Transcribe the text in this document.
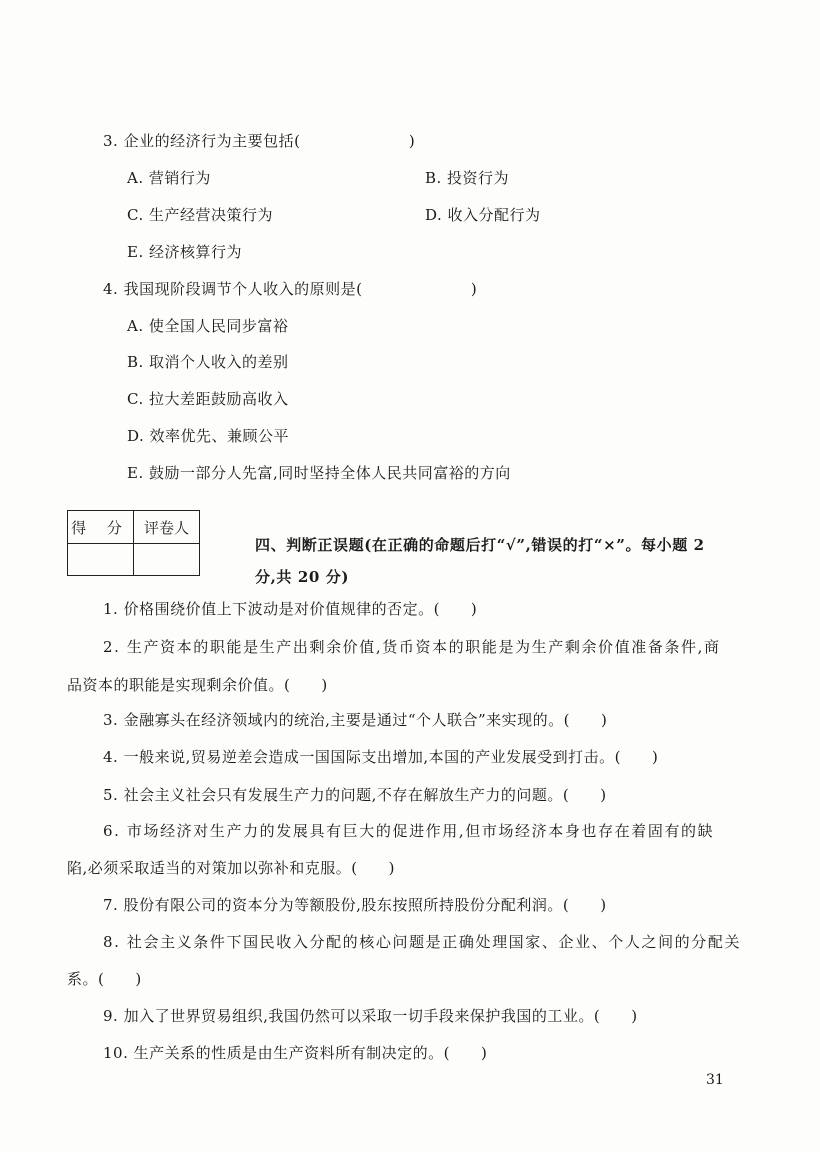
3. 企业的经济行为主要包括(　　　　　　　)
A. 营销行为	B. 投资行为
C. 生产经营决策行为	D. 收入分配行为
E. 经济核算行为
4. 我国现阶段调节个人收入的原则是(　　　　　　　)
A. 使全国人民同步富裕
B. 取消个人收入的差别
C. 拉大差距鼓励高收入
D. 效率优先、兼顾公平
E. 鼓励一部分人先富,同时坚持全体人民共同富裕的方向
得 分 评卷人
四、判断正误题(在正确的命题后打“√”,错误的打“×”。每小题 2
分,共 20 分)
1. 价格围绕价值上下波动是对价值规律的否定。(　　)
2. 生产资本的职能是生产出剩余价值,货币资本的职能是为生产剩余价值准备条件,商
品资本的职能是实现剩余价值。(　　)
3. 金融寡头在经济领域内的统治,主要是通过“个人联合”来实现的。(　　)
4. 一般来说,贸易逆差会造成一国国际支出增加,本国的产业发展受到打击。(　　)
5. 社会主义社会只有发展生产力的问题,不存在解放生产力的问题。(　　)
6. 市场经济对生产力的发展具有巨大的促进作用,但市场经济本身也存在着固有的缺
陷,必须采取适当的对策加以弥补和克服。(　　)
7. 股份有限公司的资本分为等额股份,股东按照所持股份分配利润。(　　)
8. 社会主义条件下国民收入分配的核心问题是正确处理国家、企业、个人之间的分配关
系。(　　)
9. 加入了世界贸易组织,我国仍然可以采取一切手段来保护我国的工业。(　　)
10. 生产关系的性质是由生产资料所有制决定的。(　　)
31
